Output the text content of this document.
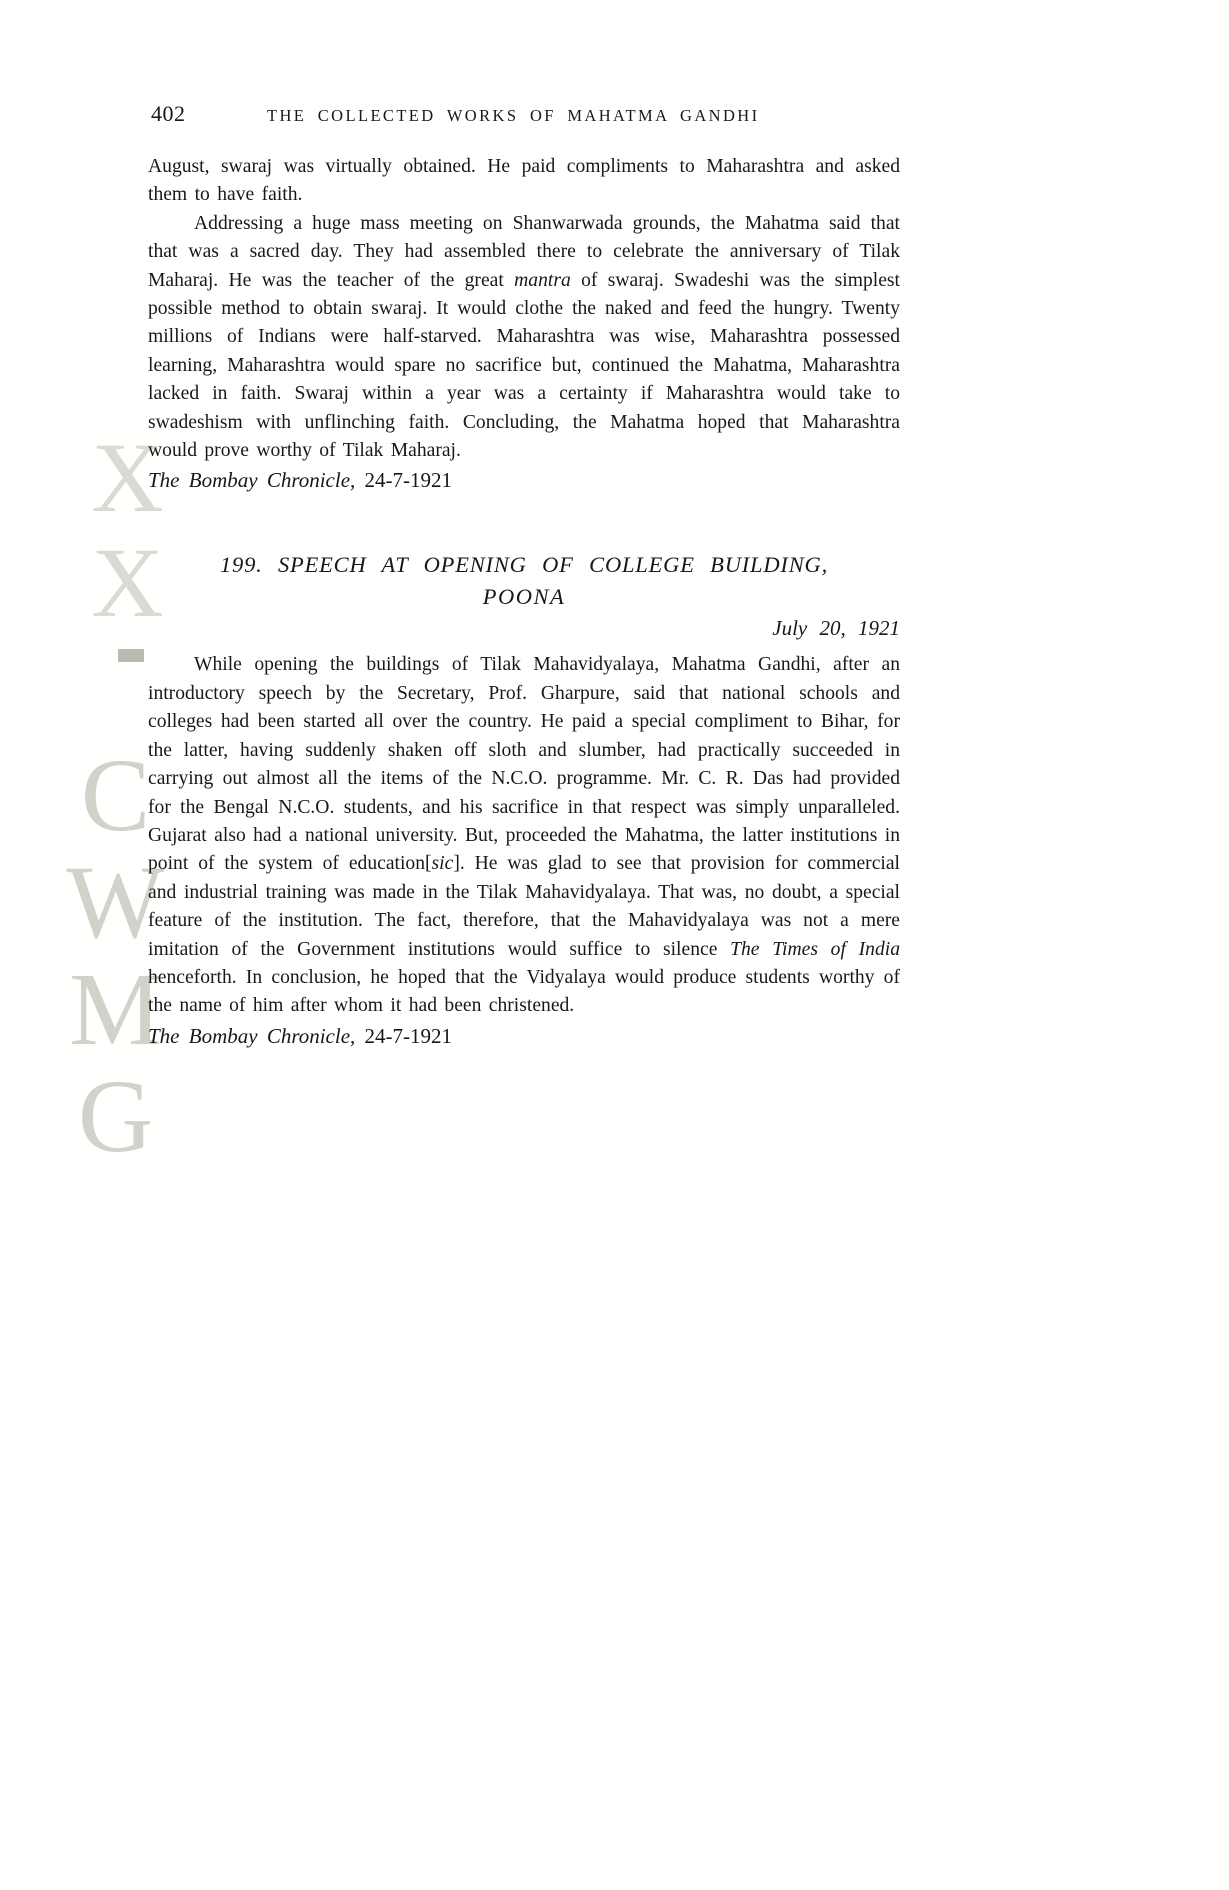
XX
CWMG
402	THE COLLECTED WORKS OF MAHATMA GANDHI

August, swaraj was virtually obtained. He paid compliments to Maharashtra and asked them to have faith.

Addressing a huge mass meeting on Shanwarwada grounds, the Mahatma said that that was a sacred day. They had assembled there to celebrate the anniversary of Tilak Maharaj. He was the teacher of the great mantra of swaraj. Swadeshi was the simplest possible method to obtain swaraj. It would clothe the naked and feed the hungry. Twenty millions of Indians were half-starved. Maharashtra was wise, Maharashtra possessed learning, Maharashtra would spare no sacrifice but, continued the Mahatma, Maharashtra lacked in faith. Swaraj within a year was a certainty if Maharashtra would take to swadeshism with unflinching faith. Concluding, the Mahatma hoped that Maharashtra would prove worthy of Tilak Maharaj.

The Bombay Chronicle, 24-7-1921

199. SPEECH AT OPENING OF COLLEGE BUILDING,
POONA

July 20, 1921

While opening the buildings of Tilak Mahavidyalaya, Mahatma Gandhi, after an introductory speech by the Secretary, Prof. Gharpure, said that national schools and colleges had been started all over the country. He paid a special compliment to Bihar, for the latter, having suddenly shaken off sloth and slumber, had practically succeeded in carrying out almost all the items of the N.C.O. programme. Mr. C. R. Das had provided for the Bengal N.C.O. students, and his sacrifice in that respect was simply unparalleled. Gujarat also had a national university. But, proceeded the Mahatma, the latter institutions in point of the system of education[sic]. He was glad to see that provision for commercial and industrial training was made in the Tilak Mahavidyalaya. That was, no doubt, a special feature of the institution. The fact, therefore, that the Mahavidyalaya was not a mere imitation of the Government institutions would suffice to silence The Times of India henceforth. In conclusion, he hoped that the Vidyalaya would produce students worthy of the name of him after whom it had been christened.

The Bombay Chronicle, 24-7-1921
